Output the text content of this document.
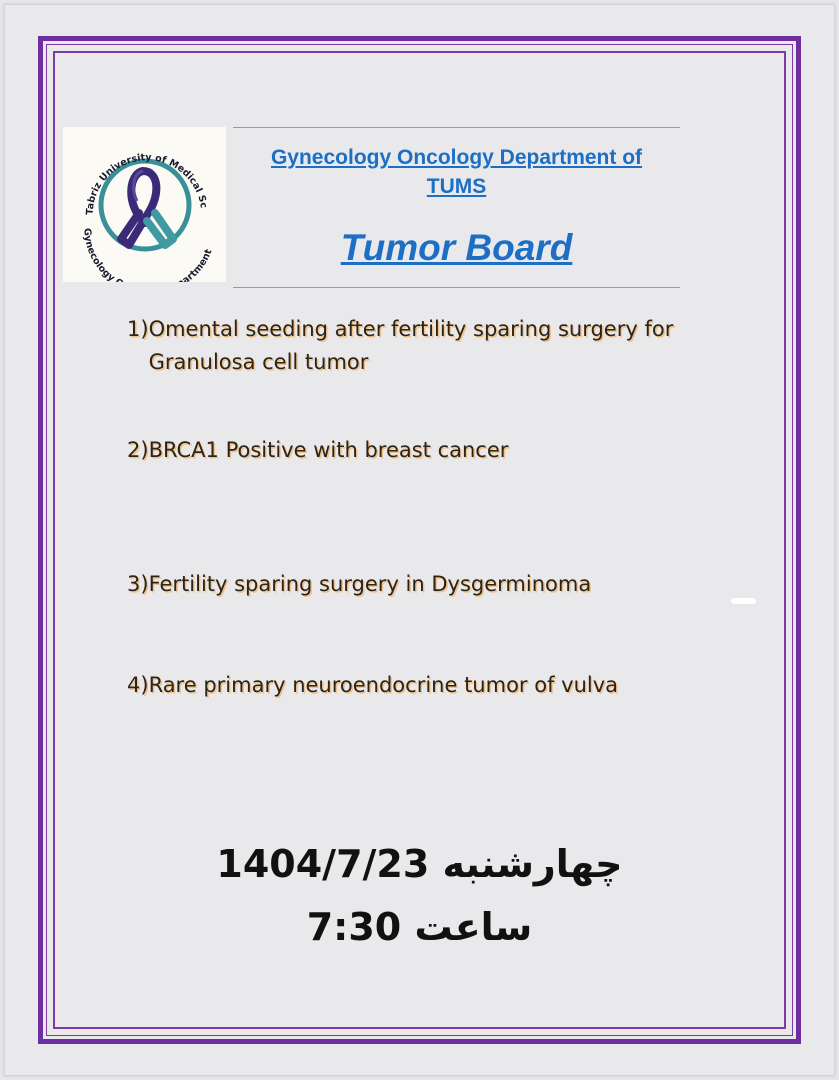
Tabriz University of Medical Sc
Gynecology artment
Gynecology Oncology Department of
TUMS
Tumor Board
1) Omental seeding after fertility sparing surgery for
Granulosa cell tumor
2) BRCA1 Positive with breast cancer
3) Fertility sparing surgery in Dysgerminoma
4) Rare primary neuroendocrine tumor of vulva
چهارشنبه 1404/7/23
ساعت 7:30
